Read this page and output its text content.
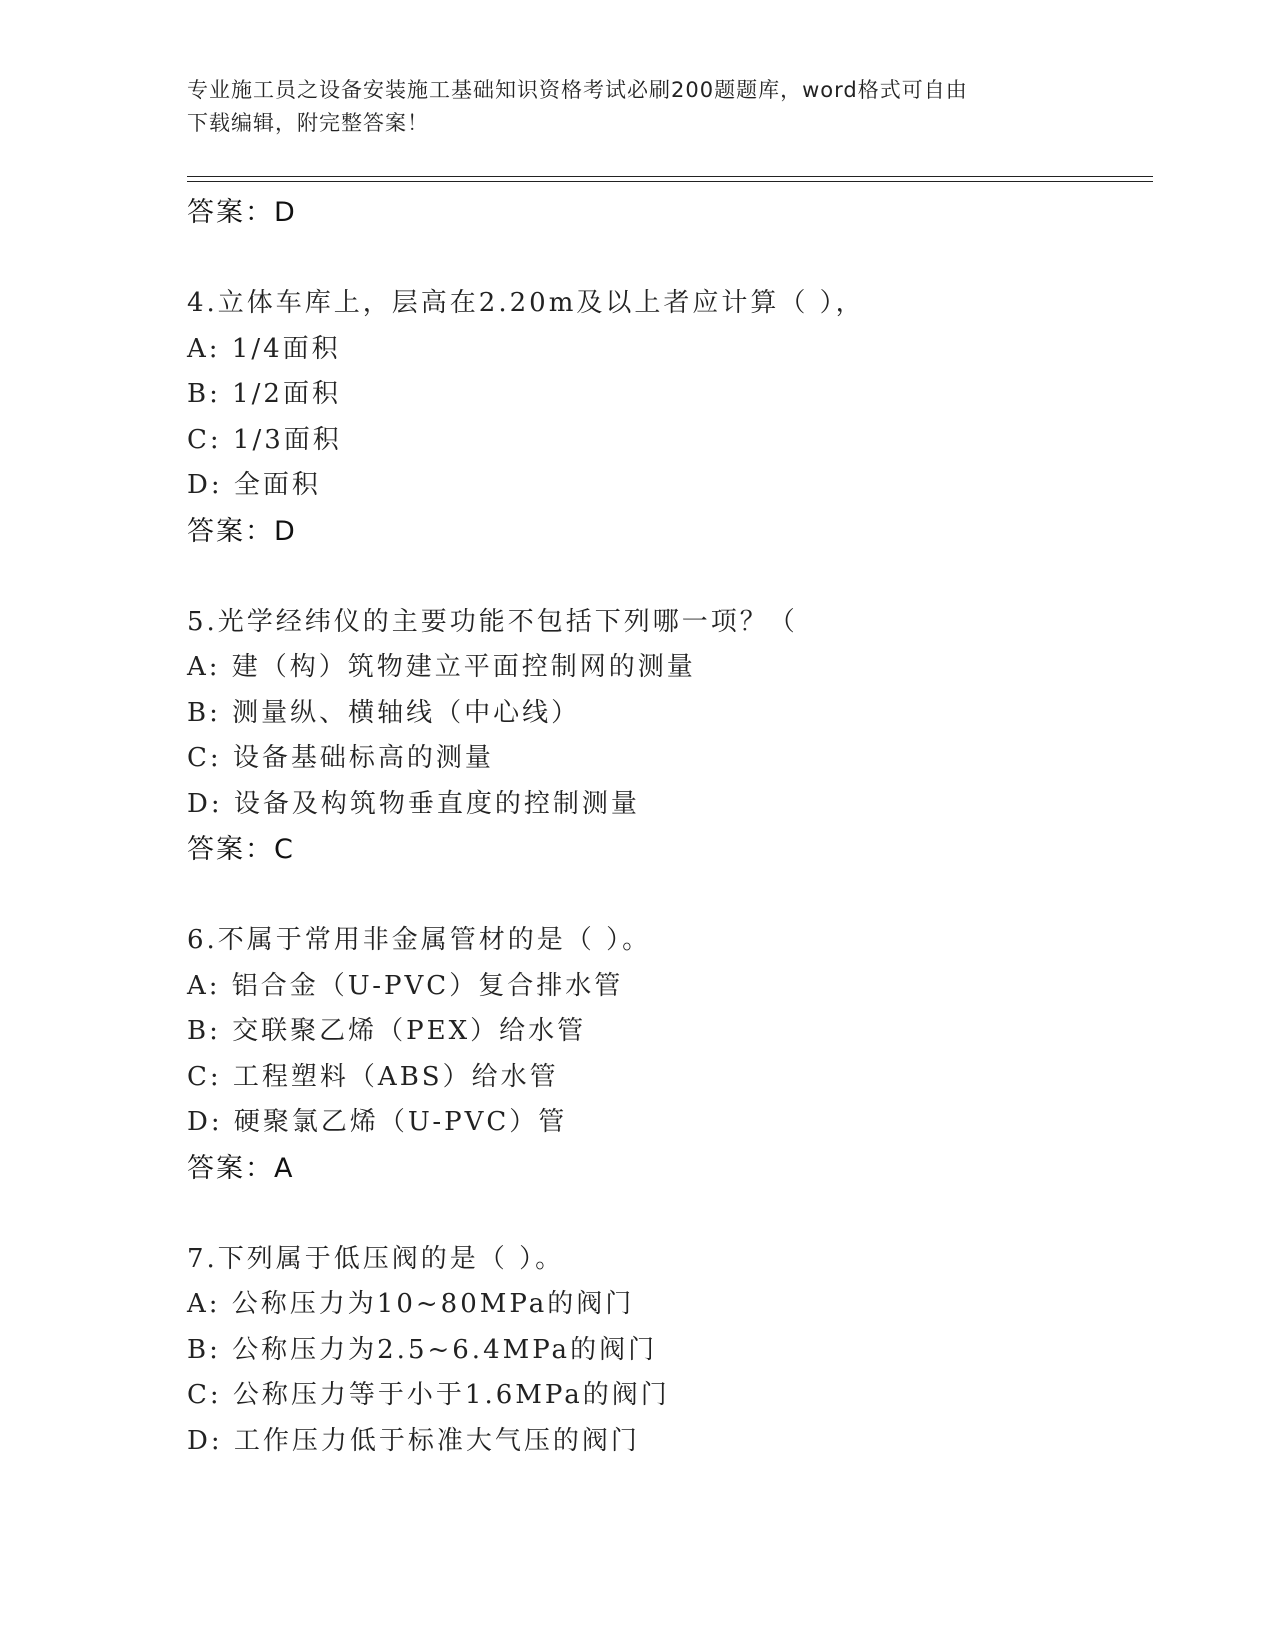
专业施工员之设备安装施工基础知识资格考试必刷200题题库，word格式可自由
下载编辑，附完整答案！
答案：D
4.立体车库上，层高在2.20m及以上者应计算（ ），
A: 1/4面积
B: 1/2面积
C: 1/3面积
D: 全面积
答案：D
5.光学经纬仪的主要功能不包括下列哪一项？（
A: 建（构）筑物建立平面控制网的测量
B: 测量纵、横轴线（中心线）
C: 设备基础标高的测量
D: 设备及构筑物垂直度的控制测量
答案：C
6.不属于常用非金属管材的是（ ）。
A: 铝合金（U-PVC）复合排水管
B: 交联聚乙烯（PEX）给水管
C: 工程塑料（ABS）给水管
D: 硬聚氯乙烯（U-PVC）管
答案：A
7.下列属于低压阀的是（ ）。
A: 公称压力为10~80MPa的阀门
B: 公称压力为2.5~6.4MPa的阀门
C: 公称压力等于小于1.6MPa的阀门
D: 工作压力低于标准大气压的阀门
